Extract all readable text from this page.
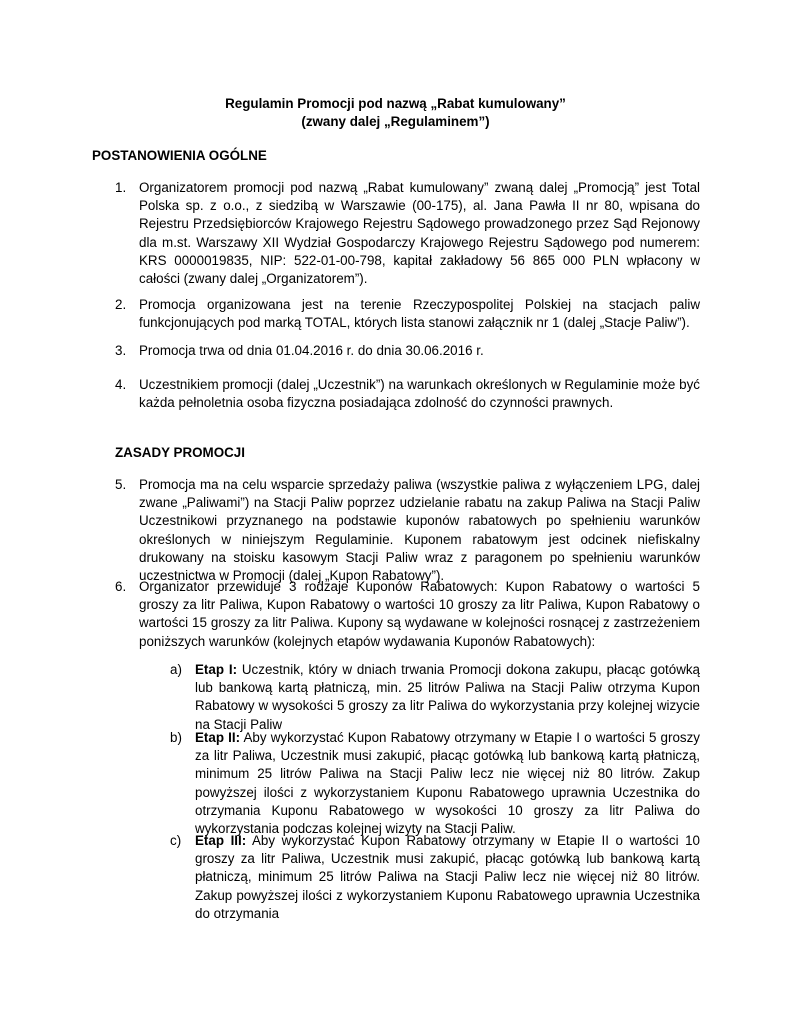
Regulamin Promocji pod nazwą „Rabat kumulowany”
(zwany dalej „Regulaminem”)
POSTANOWIENIA OGÓLNE
1. Organizatorem promocji pod nazwą „Rabat kumulowany” zwaną dalej „Promocją” jest Total Polska sp. z o.o., z siedzibą w Warszawie (00-175), al. Jana Pawła II nr 80, wpisana do Rejestru Przedsiębiorców Krajowego Rejestru Sądowego prowadzonego przez Sąd Rejonowy dla m.st. Warszawy XII Wydział Gospodarczy Krajowego Rejestru Sądowego pod numerem: KRS 0000019835, NIP: 522-01-00-798, kapitał zakładowy 56 865 000 PLN wpłacony w całości (zwany dalej „Organizatorem”).
2. Promocja organizowana jest na terenie Rzeczypospolitej Polskiej na stacjach paliw funkcjonujących pod marką TOTAL, których lista stanowi załącznik nr 1 (dalej „Stacje Paliw”).
3. Promocja trwa od dnia 01.04.2016 r. do dnia 30.06.2016 r.
4. Uczestnikiem promocji (dalej „Uczestnik”) na warunkach określonych w Regulaminie może być każda pełnoletnia osoba fizyczna posiadająca zdolność do czynności prawnych.
ZASADY PROMOCJI
5. Promocja ma na celu wsparcie sprzedaży paliwa (wszystkie paliwa z wyłączeniem LPG, dalej zwane „Paliwami”) na Stacji Paliw poprzez udzielanie rabatu na zakup Paliwa na Stacji Paliw Uczestnikowi przyznanego na podstawie kuponów rabatowych po spełnieniu warunków określonych w niniejszym Regulaminie. Kuponem rabatowym jest odcinek niefiskalny drukowany na stoisku kasowym Stacji Paliw wraz z paragonem po spełnieniu warunków uczestnictwa w Promocji (dalej „Kupon Rabatowy”).
6. Organizator przewiduje 3 rodzaje Kuponów Rabatowych: Kupon Rabatowy o wartości 5 groszy za litr Paliwa, Kupon Rabatowy o wartości 10 groszy za litr Paliwa, Kupon Rabatowy o wartości 15 groszy za litr Paliwa. Kupony są wydawane w kolejności rosnącej z zastrzeżeniem poniższych warunków (kolejnych etapów wydawania Kuponów Rabatowych):
a) Etap I: Uczestnik, który w dniach trwania Promocji dokona zakupu, płacąc gotówką lub bankową kartą płatniczą, min. 25 litrów Paliwa na Stacji Paliw otrzyma Kupon Rabatowy w wysokości 5 groszy za litr Paliwa do wykorzystania przy kolejnej wizycie na Stacji Paliw
b) Etap II: Aby wykorzystać Kupon Rabatowy otrzymany w Etapie I o wartości 5 groszy za litr Paliwa, Uczestnik musi zakupić, płacąc gotówką lub bankową kartą płatniczą, minimum 25 litrów Paliwa na Stacji Paliw lecz nie więcej niż 80 litrów. Zakup powyższej ilości z wykorzystaniem Kuponu Rabatowego uprawnia Uczestnika do otrzymania Kuponu Rabatowego w wysokości 10 groszy za litr Paliwa do wykorzystania podczas kolejnej wizyty na Stacji Paliw.
c) Etap III: Aby wykorzystać Kupon Rabatowy otrzymany w Etapie II o wartości 10 groszy za litr Paliwa, Uczestnik musi zakupić, płacąc gotówką lub bankową kartą płatniczą, minimum 25 litrów Paliwa na Stacji Paliw lecz nie więcej niż 80 litrów. Zakup powyższej ilości z wykorzystaniem Kuponu Rabatowego uprawnia Uczestnika do otrzymania
